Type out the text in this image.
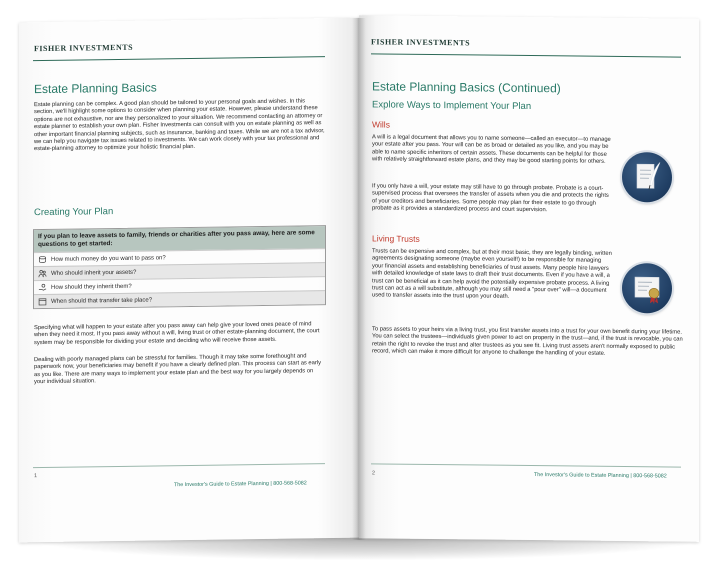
FISHER INVESTMENTS
Estate Planning Basics

Estate planning can be complex. A good plan should be tailored to your personal goals and wishes. In this section, we'll highlight some options to consider when planning your estate. However, please understand these options are not exhaustive, nor are they personalized to your situation. We recommend contacting an attorney or estate planner to establish your own plan. Fisher Investments can consult with you on estate planning as well as other important financial planning subjects, such as insurance, banking and taxes. While we are not a tax advisor, we can help you navigate tax issues related to investments. We can work closely with your tax professional and estate-planning attorney to optimize your holistic financial plan.

Creating Your Plan
If you plan to leave assets to family, friends or charities after you pass away, here are some questions to get started:
How much money do you want to pass on?
Who should inherit your assets?
How should they inherit them?
When should that transfer take place?

Specifying what will happen to your estate after you pass away can help give your loved ones peace of mind when they need it most. If you pass away without a will, living trust or other estate-planning document, the court system may be responsible for dividing your estate and deciding who will receive those assets.

Dealing with poorly managed plans can be stressful for families. Though it may take some forethought and paperwork now, your beneficiaries may benefit if you have a clearly defined plan. This process can start as early as you like. There are many ways to implement your estate plan and the best way for you largely depends on your individual situation.

1
The Investor's Guide to Estate Planning | 800-568-5082
FISHER INVESTMENTS
Estate Planning Basics (Continued)
Explore Ways to Implement Your Plan
Wills

A will is a legal document that allows you to name someone—called an executor—to manage your estate after you pass. Your will can be as broad or detailed as you like, and you may be able to name specific inheritors of certain assets. These documents can be helpful for those with relatively straightforward estate plans, and they may be good starting points for others.

If you only have a will, your estate may still have to go through probate. Probate is a court-supervised process that oversees the transfer of assets when you die and protects the rights of your creditors and beneficiaries. Some people may plan for their estate to go through probate as it provides a standardized process and court supervision.

Living Trusts

Trusts can be expensive and complex, but at their most basic, they are legally binding, written agreements designating someone (maybe even yourself!) to be responsible for managing your financial assets and establishing beneficiaries of trust assets. Many people hire lawyers with detailed knowledge of state laws to draft their trust documents. Even if you have a will, a trust can be beneficial as it can help avoid the potentially expensive probate process. A living trust can act as a will substitute, although you may still need a "pour over" will—a document used to transfer assets into the trust upon your death.

To pass assets to your heirs via a living trust, you first transfer assets into a trust for your own benefit during your lifetime. You can select the trustees—individuals given power to act on property in the trust—and, if the trust is revocable, you can retain the right to revoke the trust and alter trustees as you see fit. Living trust assets aren't normally exposed to public record, which can make it more difficult for anyone to challenge the handling of your estate.

2	The Investor's Guide to Estate Planning | 800-568-5082
